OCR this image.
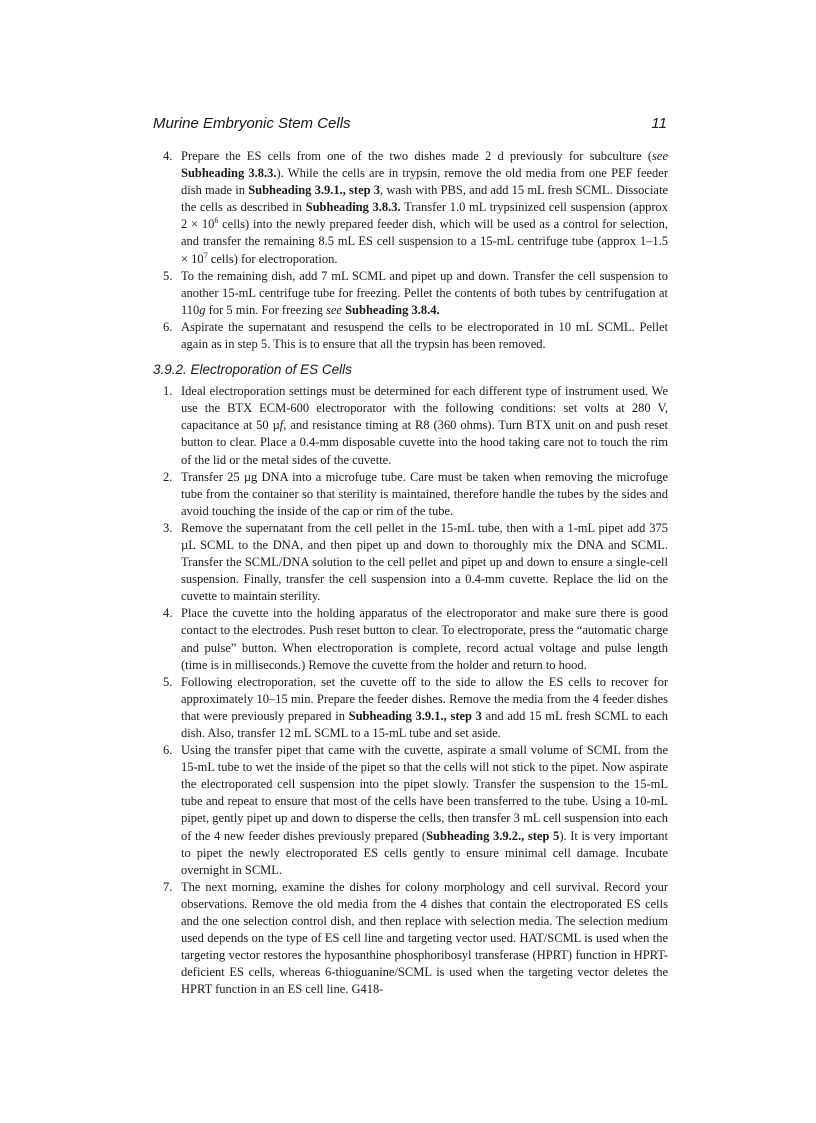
Murine Embryonic Stem Cells	11
4. Prepare the ES cells from one of the two dishes made 2 d previously for subculture (see Subheading 3.8.3.). While the cells are in trypsin, remove the old media from one PEF feeder dish made in Subheading 3.9.1., step 3, wash with PBS, and add 15 mL fresh SCML. Dissociate the cells as described in Subheading 3.8.3. Transfer 1.0 mL trypsinized cell suspension (approx $2 \times 10^6$ cells) into the newly prepared feeder dish, which will be used as a control for selection, and transfer the remaining 8.5 mL ES cell suspension to a 15-mL centrifuge tube (approx $1-1.5 \times 10^7$ cells) for electroporation.
5. To the remaining dish, add 7 mL SCML and pipet up and down. Transfer the cell suspension to another 15-mL centrifuge tube for freezing. Pellet the contents of both tubes by centrifugation at 110g for 5 min. For freezing see Subheading 3.8.4.
6. Aspirate the supernatant and resuspend the cells to be electroporated in 10 mL SCML. Pellet again as in step 5. This is to ensure that all the trypsin has been removed.
3.9.2. Electroporation of ES Cells
1. Ideal electroporation settings must be determined for each different type of instrument used. We use the BTX ECM-600 electroporator with the following conditions: set volts at 280 V, capacitance at 50 µf, and resistance timing at R8 (360 ohms). Turn BTX unit on and push reset button to clear. Place a 0.4-mm disposable cuvette into the hood taking care not to touch the rim of the lid or the metal sides of the cuvette.
2. Transfer 25 µg DNA into a microfuge tube. Care must be taken when removing the microfuge tube from the container so that sterility is maintained, therefore handle the tubes by the sides and avoid touching the inside of the cap or rim of the tube.
3. Remove the supernatant from the cell pellet in the 15-mL tube, then with a 1-mL pipet add 375 µL SCML to the DNA, and then pipet up and down to thoroughly mix the DNA and SCML. Transfer the SCML/DNA solution to the cell pellet and pipet up and down to ensure a single-cell suspension. Finally, transfer the cell suspension into a 0.4-mm cuvette. Replace the lid on the cuvette to maintain sterility.
4. Place the cuvette into the holding apparatus of the electroporator and make sure there is good contact to the electrodes. Push reset button to clear. To electroporate, press the “automatic charge and pulse” button. When electroporation is complete, record actual voltage and pulse length (time is in milliseconds.) Remove the cuvette from the holder and return to hood.
5. Following electroporation, set the cuvette off to the side to allow the ES cells to recover for approximately 10–15 min. Prepare the feeder dishes. Remove the media from the 4 feeder dishes that were previously prepared in Subheading 3.9.1., step 3 and add 15 mL fresh SCML to each dish. Also, transfer 12 mL SCML to a 15-mL tube and set aside.
6. Using the transfer pipet that came with the cuvette, aspirate a small volume of SCML from the 15-mL tube to wet the inside of the pipet so that the cells will not stick to the pipet. Now aspirate the electroporated cell suspension into the pipet slowly. Transfer the suspension to the 15-mL tube and repeat to ensure that most of the cells have been transferred to the tube. Using a 10-mL pipet, gently pipet up and down to disperse the cells, then transfer 3 mL cell suspension into each of the 4 new feeder dishes previously prepared (Subheading 3.9.2., step 5). It is very important to pipet the newly electroporated ES cells gently to ensure minimal cell damage. Incubate overnight in SCML.
7. The next morning, examine the dishes for colony morphology and cell survival. Record your observations. Remove the old media from the 4 dishes that contain the electroporated ES cells and the one selection control dish, and then replace with selection media. The selection medium used depends on the type of ES cell line and targeting vector used. HAT/SCML is used when the targeting vector restores the hyposanthine phosphoribosyl transferase (HPRT) function in HPRT-deficient ES cells, whereas 6-thioguanine/SCML is used when the targeting vector deletes the HPRT function in an ES cell line. G418-
